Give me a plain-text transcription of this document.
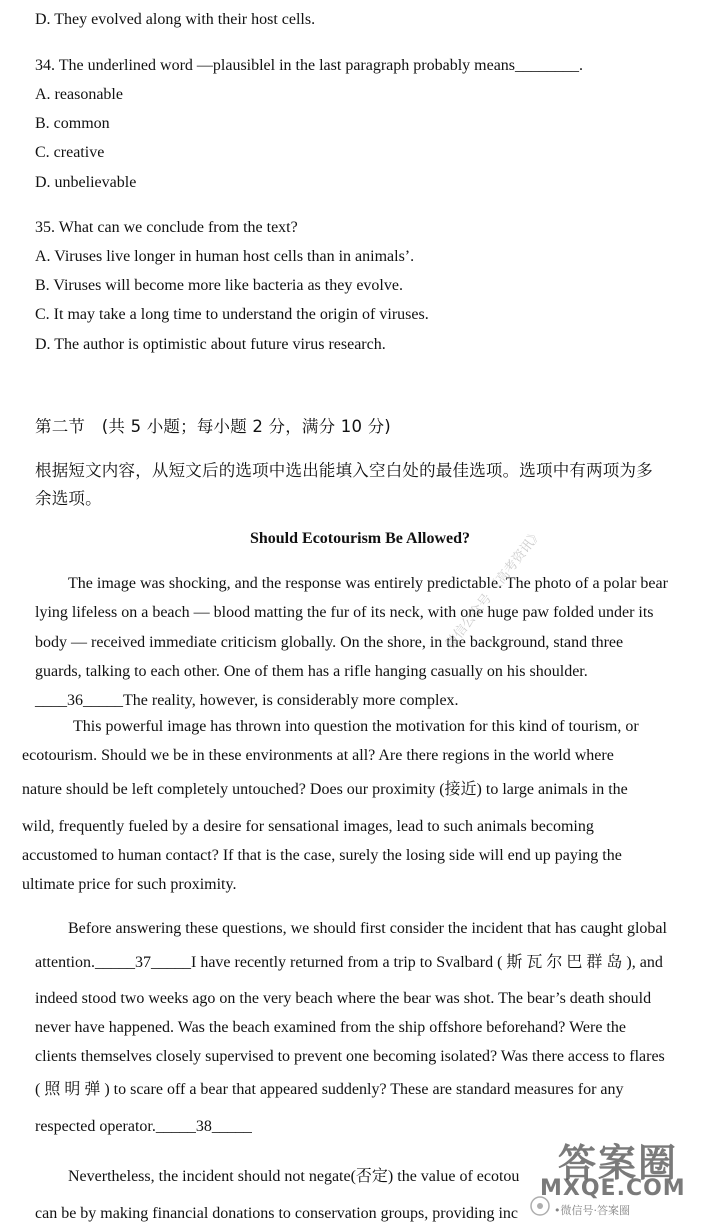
D. They evolved along with their host cells.
34. The underlined word —plausiblel in the last paragraph probably means________.
A. reasonable
B. common
C. creative
D. unbelievable
35. What can we conclude from the text?
A. Viruses live longer in human host cells than in animals’.
B. Viruses will become more like bacteria as they evolve.
C. It may take a long time to understand the origin of viruses.
D. The author is optimistic about future virus research.
第二节　(共 5 小题；每小题 2 分，满分 10 分)
根据短文内容，从短文后的选项中选出能填入空白处的最佳选项。选项中有两项为多
余选项。
Should Ecotourism Be Allowed?
The image was shocking, and the response was entirely predictable. The photo of a polar bear
lying lifeless on a beach — blood matting the fur of its neck, with one huge paw folded under its
body — received immediate criticism globally. On the shore, in the background, stand three
guards, talking to each other. One of them has a rifle hanging casually on his shoulder.
____36_____The reality, however, is considerably more complex.
This powerful image has thrown into question the motivation for this kind of tourism, or
ecotourism. Should we be in these environments at all? Are there regions in the world where
nature should be left completely untouched? Does our proximity (接近) to large animals in the
wild, frequently fueled by a desire for sensational images, lead to such animals becoming
accustomed to human contact? If that is the case, surely the losing side will end up paying the
ultimate price for such proximity.
Before answering these questions, we should first consider the incident that has caught global
attention._____37_____I have recently returned from a trip to Svalbard ( 斯 瓦 尔 巴 群 岛 ), and
indeed stood two weeks ago on the very beach where the bear was shot. The bear’s death should
never have happened. Was the beach examined from the ship offshore beforehand? Were the
clients themselves closely supervised to prevent one becoming isolated? Was there access to flares
( 照 明 弹 ) to scare off a bear that appeared suddenly? These are standard measures for any
respected operator._____38_____
Nevertheless, the incident should not negate(否定) the value of ecotou
can be by making financial donations to conservation groups, providing inc
微信公众号 《高考资讯》
答案圈
MXQE.COM
•微信号·答案圈
